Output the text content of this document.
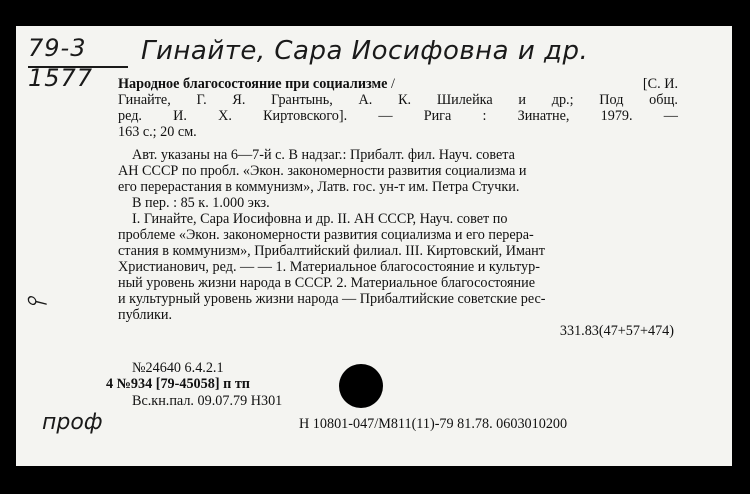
79-3
1577
Гинайте, Сара Иосифовна и др.
⫰
Народное благосостояние при социализме /	[С. И.
Гинайте, Г. Я. Грантынь, А. К. Шилейка и др.; Под общ.
ред. И. Х. Киртовского]. — Рига : Зинатне, 1979. —
163 с.; 20 см.
Авт. указаны на 6—7-й с. В надзаг.: Прибалт. фил. Науч. совета
АН СССР по пробл. «Экон. закономерности развития социализма и
его перерастания в коммунизм», Латв. гос. ун-т им. Петра Стучки.
В пер. : 85 к. 1.000 экз.
I. Гинайте, Сара Иосифовна и др. II. АН СССР, Науч. совет по
проблеме «Экон. закономерности развития социализма и его перера-
стания в коммунизм», Прибалтийский филиал. III. Киртовский, Имант
Христианович, ред. — — 1. Материальное благосостояние и культур-
ный уровень жизни народа в СССР. 2. Материальное благосостояние
и культурный уровень жизни народа — Прибалтийские советские рес-
публики.
331.83(47+57+474)
№24640 6.4.2.1
4 №934 [79-45058] п тп
Вс.кн.пал. 09.07.79 Н301
Н 10801-047/М811(11)-79 81.78. 0603010200
проф
